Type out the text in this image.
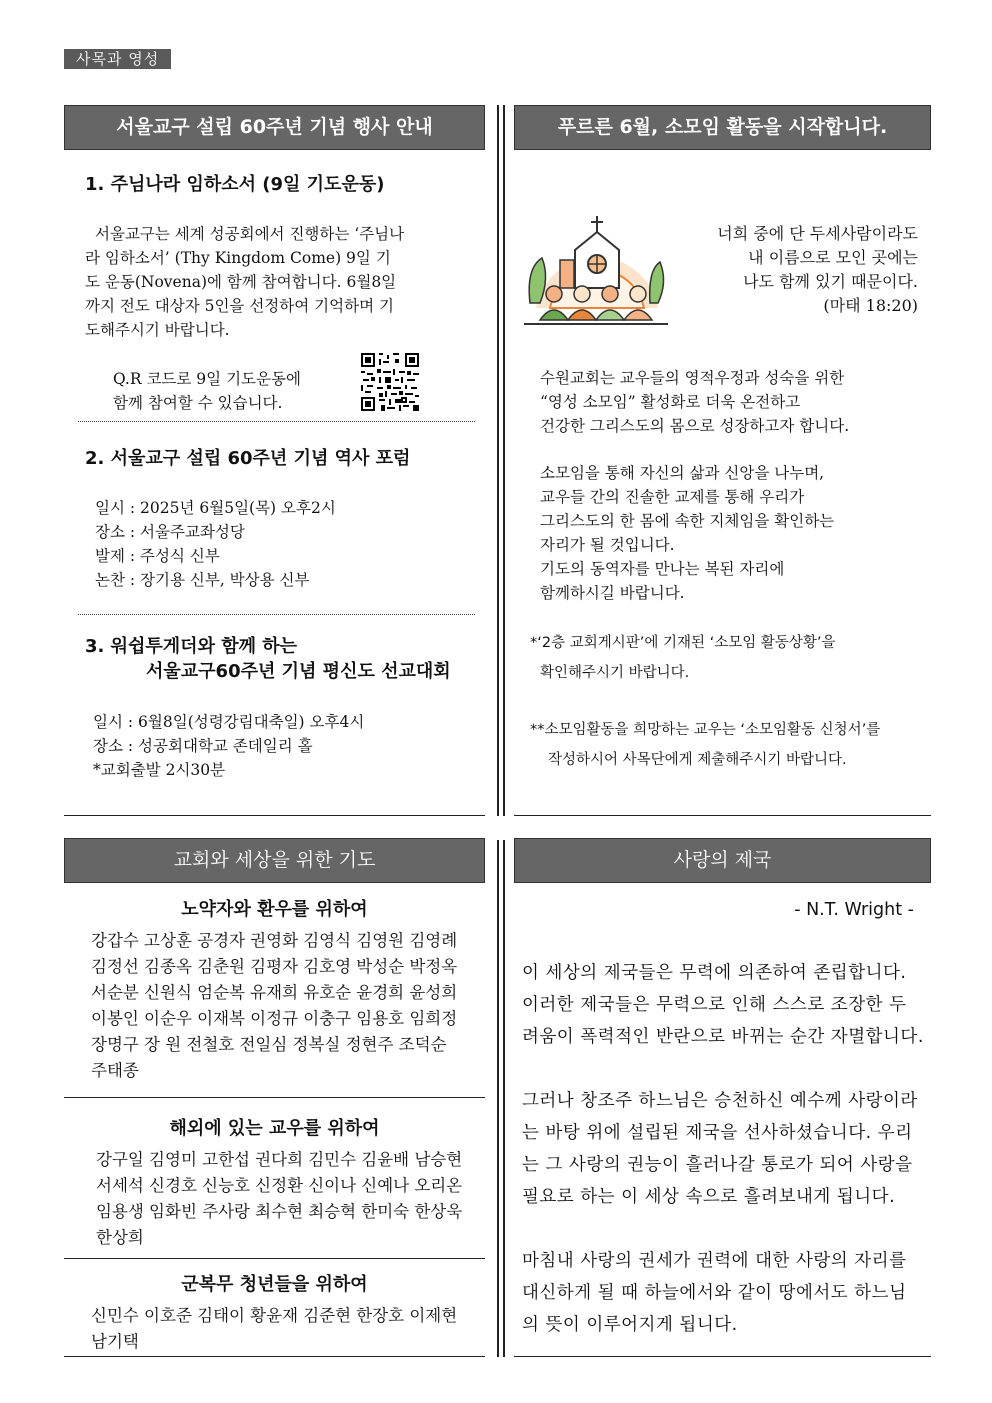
사목과 영성
서울교구 설립 60주년 기념 행사 안내
1. 주님나라 임하소서 (9일 기도운동)
서울교구는 세계 성공회에서 진행하는 ‘주님나
라 임하소서’ (Thy Kingdom Come) 9일 기
도 운동(Novena)에 함께 참여합니다. 6월8일
까지 전도 대상자 5인을 선정하여 기억하며 기
도해주시기 바랍니다.
Q.R 코드로 9일 기도운동에
함께 참여할 수 있습니다.
2. 서울교구 설립 60주년 기념 역사 포럼
일시 : 2025년 6월5일(목) 오후2시
장소 : 서울주교좌성당
발제 : 주성식 신부
논찬 : 장기용 신부, 박상용 신부
3. 워쉽투게더와 함께 하는
서울교구60주년 기념 평신도 선교대회
일시 : 6월8일(성령강림대축일) 오후4시
장소 : 성공회대학교 존데일리 홀
*교회출발 2시30분
푸르른 6월, 소모임 활동을 시작합니다.
너희 중에 단 두세사람이라도
내 이름으로 모인 곳에는
나도 함께 있기 때문이다.
(마태 18:20)
수원교회는 교우들의 영적우정과 성숙을 위한
“영성 소모임” 활성화로 더욱 온전하고
건강한 그리스도의 몸으로 성장하고자 합니다.
소모임을 통해 자신의 삶과 신앙을 나누며,
교우들 간의 진솔한 교제를 통해 우리가
그리스도의 한 몸에 속한 지체임을 확인하는
자리가 될 것입니다.
기도의 동역자를 만나는 복된 자리에
함께하시길 바랍니다.
*‘2층 교회게시판’에 기재된 ‘소모임 활동상황’을
확인해주시기 바랍니다.
**소모임활동을 희망하는 교우는 ‘소모임활동 신청서’를
작성하시어 사목단에게 제출해주시기 바랍니다.
교회와 세상을 위한 기도
노약자와 환우를 위하여
강갑수 고상훈 공경자 권영화 김영식 김영원 김영례
김정선 김종옥 김춘원 김평자 김호영 박성순 박정옥
서순분 신원식 엄순복 유재희 유호순 윤경희 윤성희
이봉인 이순우 이재복 이정규 이충구 임용호 임희정
장명구 장 원 전철호 전일심 정복실 정현주 조덕순
주태종
해외에 있는 교우를 위하여
강구일 김영미 고한섭 권다희 김민수 김윤배 남승현
서세석 신경호 신능호 신정환 신이나 신예나 오리온
임용생 임화빈 주사랑 최수현 최승혁 한미숙 한상욱
한상희
군복무 청년들을 위하여
신민수 이호준 김태이 황윤재 김준현 한장호 이제현
남기택
사랑의 제국
- N.T. Wright -
이 세상의 제국들은 무력에 의존하여 존립합니다.
이러한 제국들은 무력으로 인해 스스로 조장한 두
려움이 폭력적인 반란으로 바뀌는 순간 자멸합니다.
그러나 창조주 하느님은 승천하신 예수께 사랑이라
는 바탕 위에 설립된 제국을 선사하셨습니다. 우리
는 그 사랑의 권능이 흘러나갈 통로가 되어 사랑을
필요로 하는 이 세상 속으로 흘려보내게 됩니다.
마침내 사랑의 권세가 권력에 대한 사랑의 자리를
대신하게 될 때 하늘에서와 같이 땅에서도 하느님
의 뜻이 이루어지게 됩니다.
